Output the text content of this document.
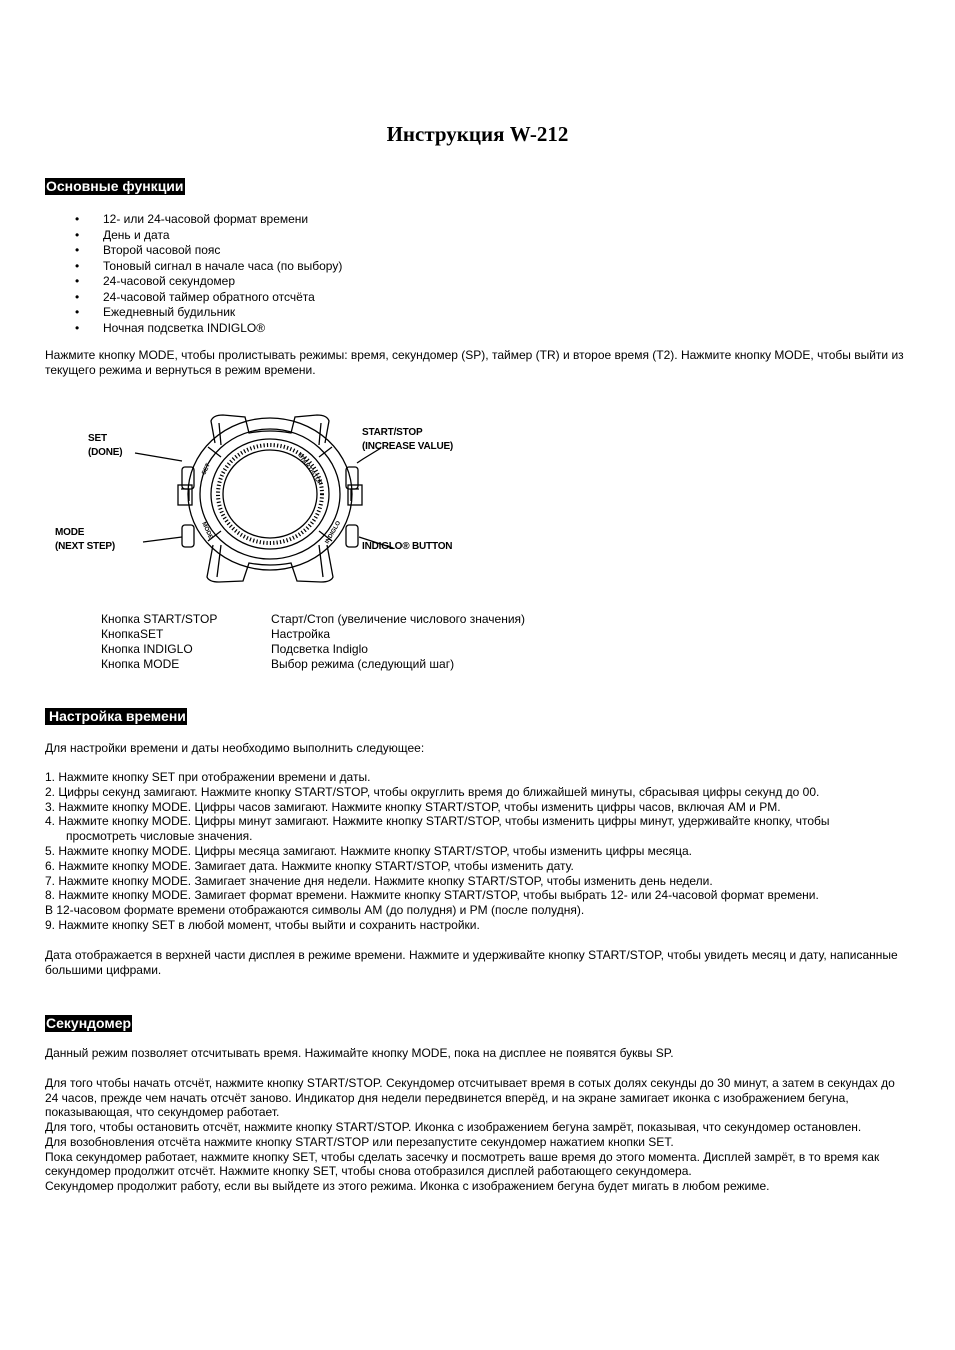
Инструкция W-212
Основные функции
• 12- или 24-часовой формат времени
• День и дата
• Второй часовой пояс
• Тоновый сигнал в начале часа (по выбору)
• 24-часовой секундомер
• 24-часовой таймер обратного отсчёта
• Ежедневный будильник
• Ночная подсветка INDIGLO®

Нажмите кнопку MODE, чтобы пролистывать режимы: время, секундомер (SP), таймер (TR) и второе время (T2). Нажмите кнопку MODE, чтобы выйти из текущего режима и вернуться в режим времени.

SET
MODE
START/STOP
INDIGLO
SET
(DONE)
MODE
(NEXT STEP)
START/STOP
(INCREASE VALUE)
INDIGLO® BUTTON
Кнопка START/STOP	Старт/Стоп (увеличение числового значения)
КнопкаSET	Настройка
Кнопка INDIGLO	Подсветка Indiglo
Кнопка MODE	Выбор режима (следующий шаг)
Настройка времени

Для настройки времени и даты необходимо выполнить следующее:

1. Нажмите кнопку SET при отображении времени и даты.
2. Цифры секунд замигают. Нажмите кнопку START/STOP, чтобы округлить время до ближайшей минуты, сбрасывая цифры секунд до 00.
3. Нажмите кнопку MODE. Цифры часов замигают. Нажмите кнопку START/STOP, чтобы изменить цифры часов, включая AM и PM.
4. Нажмите кнопку MODE. Цифры минут замигают. Нажмите кнопку START/STOP, чтобы изменить цифры минут, удерживайте кнопку, чтобы
просмотреть числовые значения.
5. Нажмите кнопку MODE. Цифры месяца замигают. Нажмите кнопку START/STOP, чтобы изменить цифры месяца.
6. Нажмите кнопку MODE. Замигает дата. Нажмите кнопку START/STOP, чтобы изменить дату.
7. Нажмите кнопку MODE. Замигает значение дня недели. Нажмите кнопку START/STOP, чтобы изменить день недели.
8. Нажмите кнопку MODE. Замигает формат времени. Нажмите кнопку START/STOP, чтобы выбрать 12- или 24-часовой формат времени.
В 12-часовом формате времени отображаются символы AM (до полудня) и PM (после полудня).
9. Нажмите кнопку SET в любой момент, чтобы выйти и сохранить настройки.

Дата отображается в верхней части дисплея в режиме времени. Нажмите и удерживайте кнопку START/STOP, чтобы увидеть месяц и дату, написанные большими цифрами.

Секундомер

Данный режим позволяет отсчитывать время. Нажимайте кнопку MODE, пока на дисплее не появятся буквы SP.

Для того чтобы начать отсчёт, нажмите кнопку START/STOP. Секундомер отсчитывает время в сотых долях секунды до 30 минут, а затем в секундах до 24 часов, прежде чем начать отсчёт заново. Индикатор дня недели передвинется вперёд, и на экране замигает иконка с изображением бегуна, показывающая, что секундомер работает.
Для того, чтобы остановить отсчёт, нажмите кнопку START/STOP. Иконка с изображением бегуна замрёт, показывая, что секундомер остановлен.
Для возобновления отсчёта нажмите кнопку START/STOP или перезапустите секундомер нажатием кнопки SET.
Пока секундомер работает, нажмите кнопку SET, чтобы сделать засечку и посмотреть ваше время до этого момента. Дисплей замрёт, в то время как секундомер продолжит отсчёт. Нажмите кнопку SET, чтобы снова отобразился дисплей работающего секундомера.
Секундомер продолжит работу, если вы выйдете из этого режима. Иконка с изображением бегуна будет мигать в любом режиме.
